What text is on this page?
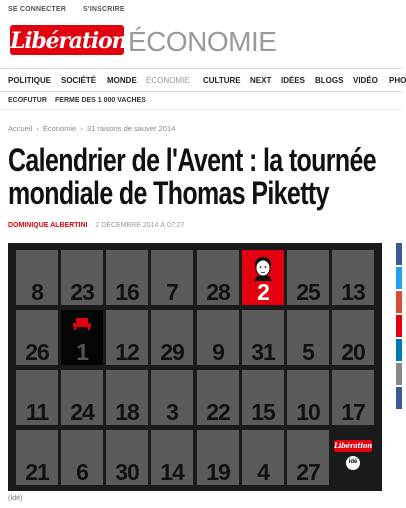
SE CONNECTER S'INSCRIRE
Libération ÉCONOMIE
POLITIQUE SOCIÉTÉ MONDE ÉCONOMIE CULTURE NEXT IDÉES BLOGS VIDÉO PHO
ECOFUTUR FERME DES 1 000 VACHES
Accueil › Économie › 31 raisons de sauver 2014
Calendrier de l'Avent : la tournée mondiale de Thomas Piketty
DOMINIQUE ALBERTINI 2 DÉCEMBRE 2014 À 07:27
8	23 16	7	28	2	25 13
26	1	12 29	9	31	5	20
11 24 18	3	22 15 10 17
21	6	30 14 19	4	27
Libération
idé
(Idé)
